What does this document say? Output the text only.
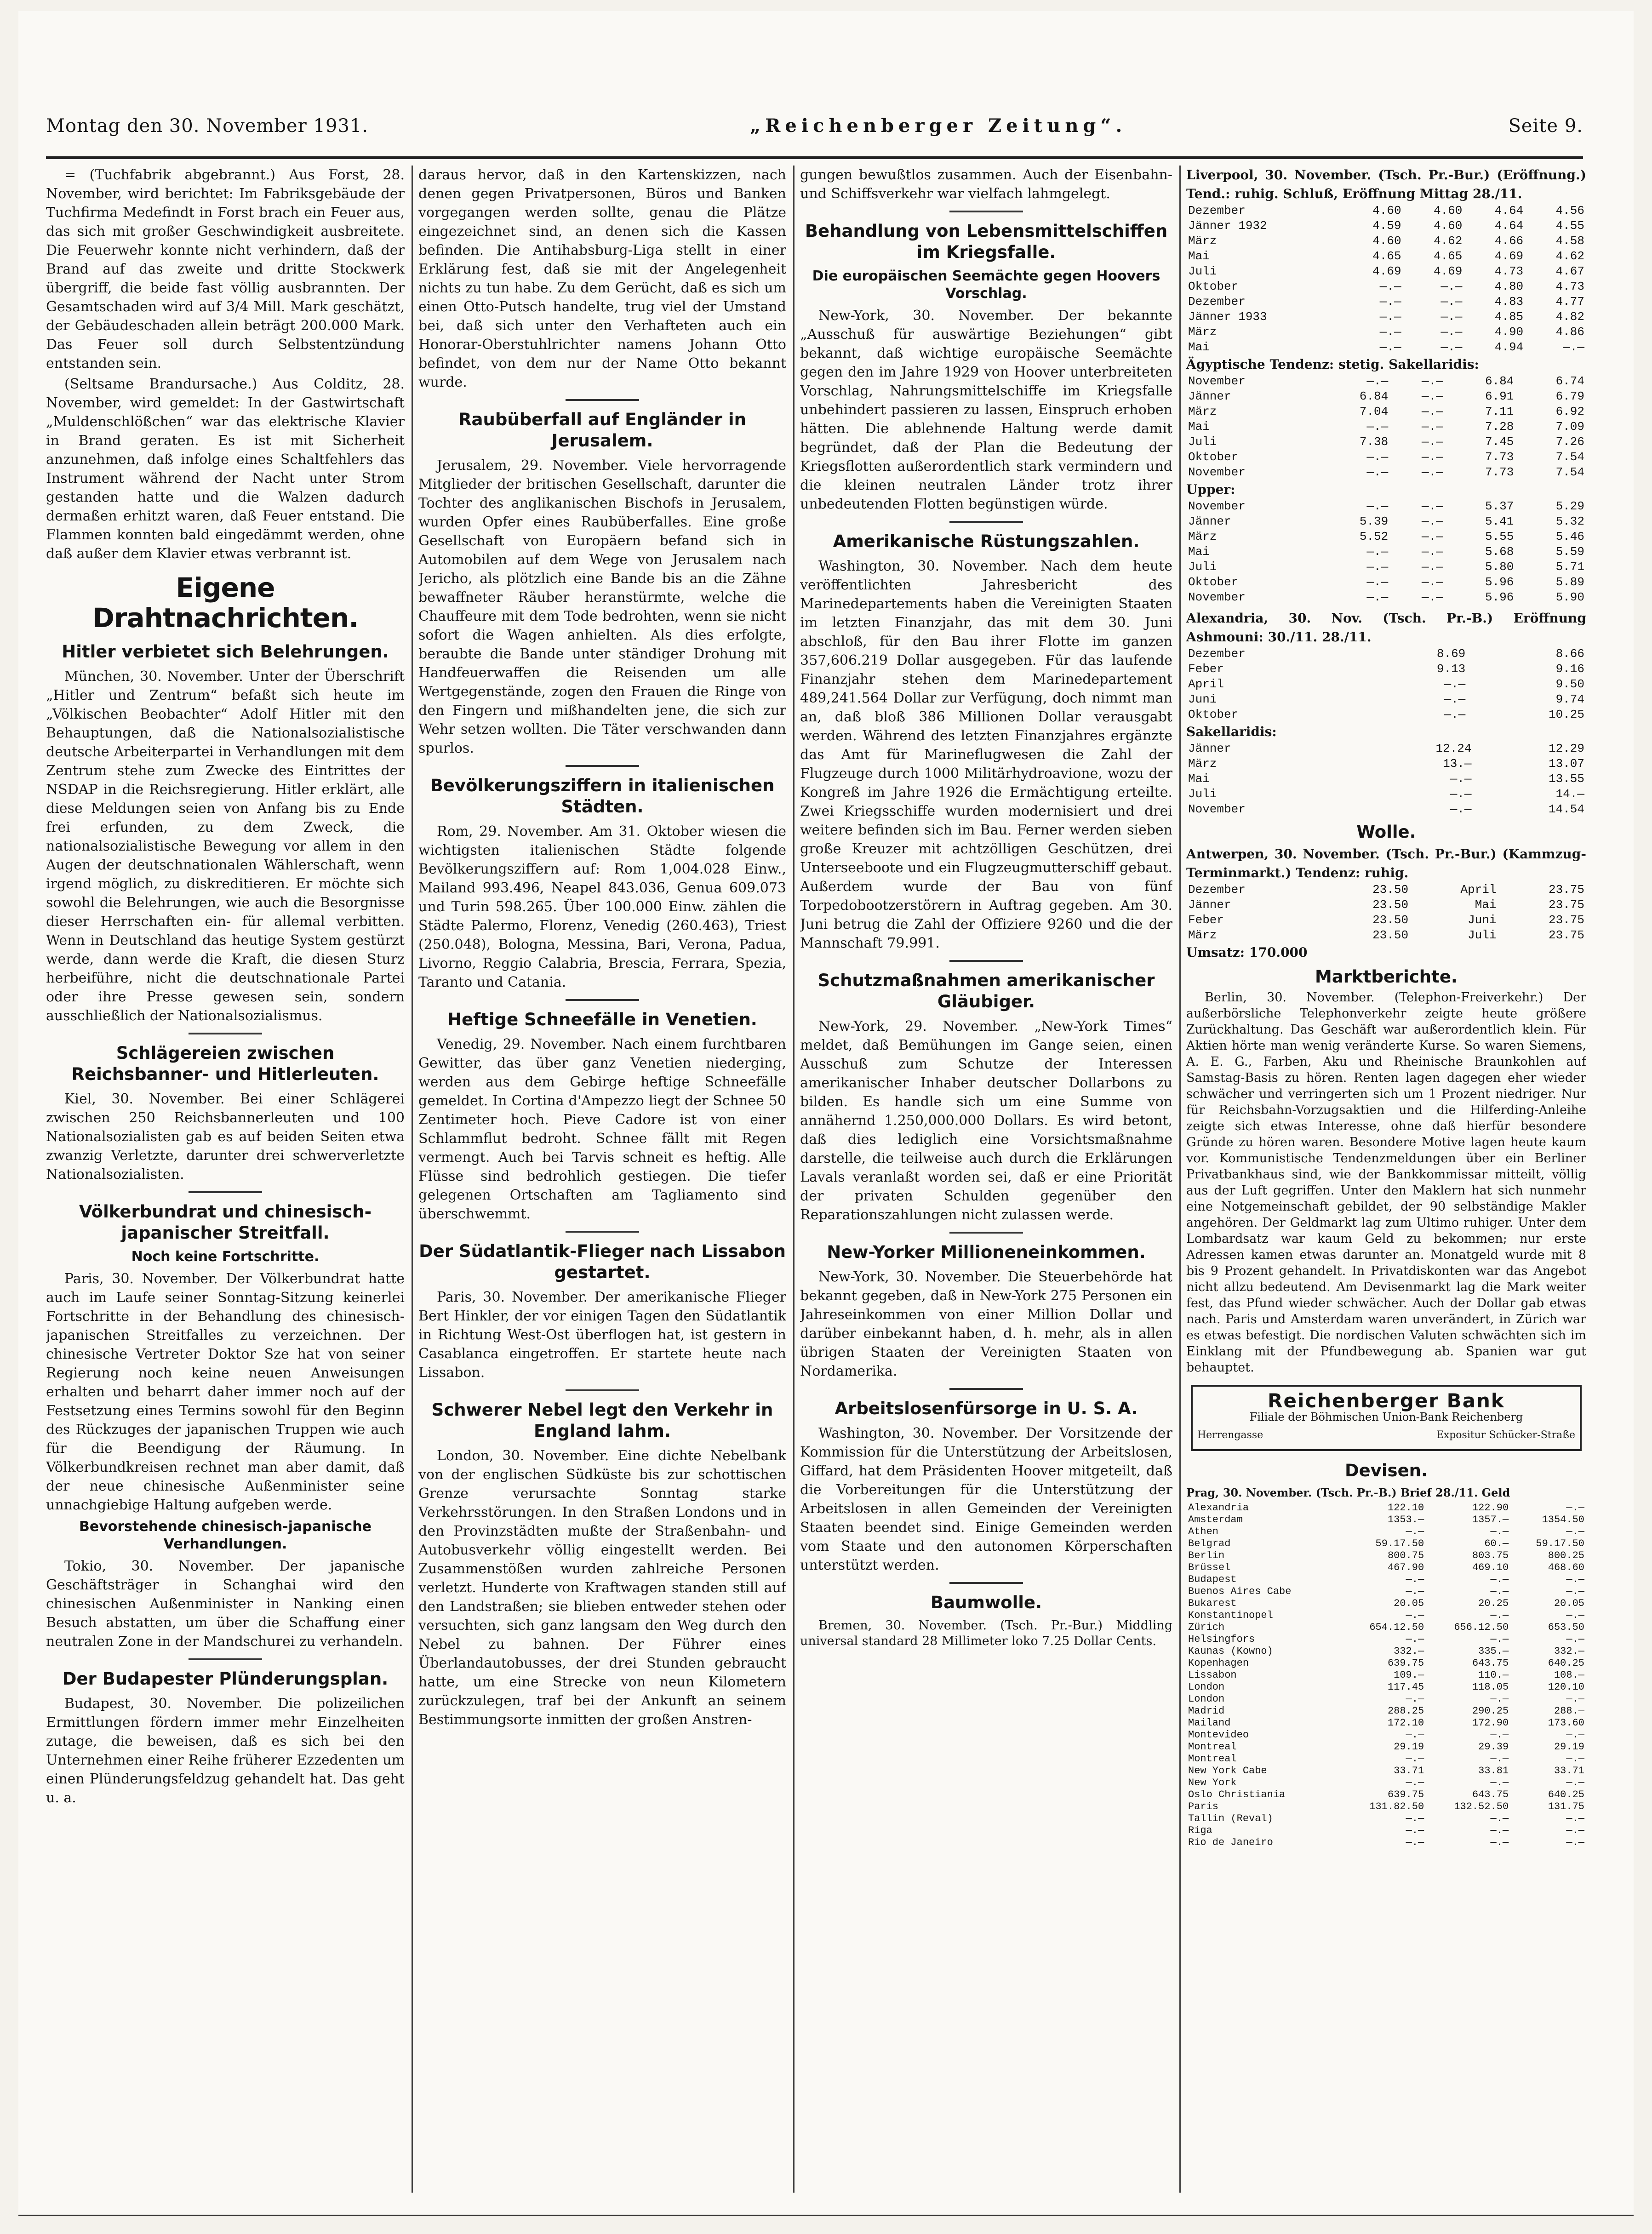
Montag den 30. November 1931.	„Reichenberger Zeitung“.	Seite 9.

= (Tuchfabrik abgebrannt.) Aus Forst, 28. November, wird berichtet: Im Fabriksgebäude der Tuchfirma Medefindt in Forst brach ein Feuer aus, das sich mit großer Geschwindigkeit ausbreitete. Die Feuerwehr konnte nicht verhindern, daß der Brand auf das zweite und dritte Stockwerk übergriff, die beide fast völlig ausbrannten. Der Gesamtschaden wird auf 3/4 Mill. Mark geschätzt, der Gebäudeschaden allein beträgt 200.000 Mark. Das Feuer soll durch Selbstentzündung entstanden sein.

(Seltsame Brandursache.) Aus Colditz, 28. November, wird gemeldet: In der Gastwirtschaft „Muldenschlößchen“ war das elektrische Klavier in Brand geraten. Es ist mit Sicherheit anzunehmen, daß infolge eines Schaltfehlers das Instrument während der Nacht unter Strom gestanden hatte und die Walzen dadurch dermaßen erhitzt waren, daß Feuer entstand. Die Flammen konnten bald eingedämmt werden, ohne daß außer dem Klavier etwas verbrannt ist.

Eigene Drahtnachrichten.
Hitler verbietet sich Belehrungen.

München, 30. November. Unter der Überschrift „Hitler und Zentrum“ befaßt sich heute im „Völkischen Beobachter“ Adolf Hitler mit den Behauptungen, daß die Nationalsozialistische deutsche Arbeiterpartei in Verhandlungen mit dem Zentrum stehe zum Zwecke des Eintrittes der NSDAP in die Reichsregierung. Hitler erklärt, alle diese Meldungen seien von Anfang bis zu Ende frei erfunden, zu dem Zweck, die nationalsozialistische Bewegung vor allem in den Augen der deutschnationalen Wählerschaft, wenn irgend möglich, zu diskreditieren. Er möchte sich sowohl die Belehrungen, wie auch die Besorgnisse dieser Herrschaften ein- für allemal verbitten. Wenn in Deutschland das heutige System gestürzt werde, dann werde die Kraft, die diesen Sturz herbeiführe, nicht die deutschnationale Partei oder ihre Presse gewesen sein, sondern ausschließlich der Nationalsozialismus.

Schlägereien zwischen Reichsbanner- und Hitlerleuten.

Kiel, 30. November. Bei einer Schlägerei zwischen 250 Reichsbannerleuten und 100 Nationalsozialisten gab es auf beiden Seiten etwa zwanzig Verletzte, darunter drei schwerverletzte Nationalsozialisten.

Völkerbundrat und chinesisch-japanischer Streitfall.
Noch keine Fortschritte.

Paris, 30. November. Der Völkerbundrat hatte auch im Laufe seiner Sonntag-Sitzung keinerlei Fortschritte in der Behandlung des chinesisch-japanischen Streitfalles zu verzeichnen. Der chinesische Vertreter Doktor Sze hat von seiner Regierung noch keine neuen Anweisungen erhalten und beharrt daher immer noch auf der Festsetzung eines Termins sowohl für den Beginn des Rückzuges der japanischen Truppen wie auch für die Beendigung der Räumung. In Völkerbundkreisen rechnet man aber damit, daß der neue chinesische Außenminister seine unnachgiebige Haltung aufgeben werde.

Bevorstehende chinesisch-japanische Verhandlungen.

Tokio, 30. November. Der japanische Geschäftsträger in Schanghai wird den chinesischen Außenminister in Nanking einen Besuch abstatten, um über die Schaffung einer neutralen Zone in der Mandschurei zu verhandeln.

Der Budapester Plünderungsplan.

Budapest, 30. November. Die polizeilichen Ermittlungen fördern immer mehr Einzelheiten zutage, die beweisen, daß es sich bei den Unternehmen einer Reihe früherer Ezzedenten um einen Plünderungsfeldzug gehandelt hat. Das geht u. a.

daraus hervor, daß in den Kartenskizzen, nach denen gegen Privatpersonen, Büros und Banken vorgegangen werden sollte, genau die Plätze eingezeichnet sind, an denen sich die Kassen befinden. Die Antihabsburg-Liga stellt in einer Erklärung fest, daß sie mit der Angelegenheit nichts zu tun habe. Zu dem Gerücht, daß es sich um einen Otto-Putsch handelte, trug viel der Umstand bei, daß sich unter den Verhafteten auch ein Honorar-Oberstuhlrichter namens Johann Otto befindet, von dem nur der Name Otto bekannt wurde.

Raubüberfall auf Engländer in Jerusalem.

Jerusalem, 29. November. Viele hervorragende Mitglieder der britischen Gesellschaft, darunter die Tochter des anglikanischen Bischofs in Jerusalem, wurden Opfer eines Raubüberfalles. Eine große Gesellschaft von Europäern befand sich in Automobilen auf dem Wege von Jerusalem nach Jericho, als plötzlich eine Bande bis an die Zähne bewaffneter Räuber heranstürmte, welche die Chauffeure mit dem Tode bedrohten, wenn sie nicht sofort die Wagen anhielten. Als dies erfolgte, beraubte die Bande unter ständiger Drohung mit Handfeuerwaffen die Reisenden um alle Wertgegenstände, zogen den Frauen die Ringe von den Fingern und mißhandelten jene, die sich zur Wehr setzen wollten. Die Täter verschwanden dann spurlos.

Bevölkerungsziffern in italienischen Städten.

Rom, 29. November. Am 31. Oktober wiesen die wichtigsten italienischen Städte folgende Bevölkerungsziffern auf: Rom 1,004.028 Einw., Mailand 993.496, Neapel 843.036, Genua 609.073 und Turin 598.265. Über 100.000 Einw. zählen die Städte Palermo, Florenz, Venedig (260.463), Triest (250.048), Bologna, Messina, Bari, Verona, Padua, Livorno, Reggio Calabria, Brescia, Ferrara, Spezia, Taranto und Catania.

Heftige Schneefälle in Venetien.

Venedig, 29. November. Nach einem furchtbaren Gewitter, das über ganz Venetien niederging, werden aus dem Gebirge heftige Schneefälle gemeldet. In Cortina d'Ampezzo liegt der Schnee 50 Zentimeter hoch. Pieve Cadore ist von einer Schlammflut bedroht. Schnee fällt mit Regen vermengt. Auch bei Tarvis schneit es heftig. Alle Flüsse sind bedrohlich gestiegen. Die tiefer gelegenen Ortschaften am Tagliamento sind überschwemmt.

Der Südatlantik-Flieger nach Lissabon gestartet.

Paris, 30. November. Der amerikanische Flieger Bert Hinkler, der vor einigen Tagen den Südatlantik in Richtung West-Ost überflogen hat, ist gestern in Casablanca eingetroffen. Er startete heute nach Lissabon.

Schwerer Nebel legt den Verkehr in England lahm.

London, 30. November. Eine dichte Nebelbank von der englischen Südküste bis zur schottischen Grenze verursachte Sonntag starke Verkehrsstörungen. In den Straßen Londons und in den Provinzstädten mußte der Straßenbahn- und Autobusverkehr völlig eingestellt werden. Bei Zusammenstößen wurden zahlreiche Personen verletzt. Hunderte von Kraftwagen standen still auf den Landstraßen; sie blieben entweder stehen oder versuchten, sich ganz langsam den Weg durch den Nebel zu bahnen. Der Führer eines Überlandautobusses, der drei Stunden gebraucht hatte, um eine Strecke von neun Kilometern zurückzulegen, traf bei der Ankunft an seinem Bestimmungsorte inmitten der großen Anstren-

gungen bewußtlos zusammen. Auch der Eisenbahn- und Schiffsverkehr war vielfach lahmgelegt.

Behandlung von Lebensmittelschiffen im Kriegsfalle.
Die europäischen Seemächte gegen Hoovers Vorschlag.

New-York, 30. November. Der bekannte „Ausschuß für auswärtige Beziehungen“ gibt bekannt, daß wichtige europäische Seemächte gegen den im Jahre 1929 von Hoover unterbreiteten Vorschlag, Nahrungsmittelschiffe im Kriegsfalle unbehindert passieren zu lassen, Einspruch erhoben hätten. Die ablehnende Haltung werde damit begründet, daß der Plan die Bedeutung der Kriegsflotten außerordentlich stark vermindern und die kleinen neutralen Länder trotz ihrer unbedeutenden Flotten begünstigen würde.

Amerikanische Rüstungszahlen.

Washington, 30. November. Nach dem heute veröffentlichten Jahresbericht des Marinedepartements haben die Vereinigten Staaten im letzten Finanzjahr, das mit dem 30. Juni abschloß, für den Bau ihrer Flotte im ganzen 357,606.219 Dollar ausgegeben. Für das laufende Finanzjahr stehen dem Marinedepartement 489,241.564 Dollar zur Verfügung, doch nimmt man an, daß bloß 386 Millionen Dollar verausgabt werden. Während des letzten Finanzjahres ergänzte das Amt für Marineflugwesen die Zahl der Flugzeuge durch 1000 Militärhydroavione, wozu der Kongreß im Jahre 1926 die Ermächtigung erteilte. Zwei Kriegsschiffe wurden modernisiert und drei weitere befinden sich im Bau. Ferner werden sieben große Kreuzer mit achtzölligen Geschützen, drei Unterseeboote und ein Flugzeugmutterschiff gebaut. Außerdem wurde der Bau von fünf Torpedobootzerstörern in Auftrag gegeben. Am 30. Juni betrug die Zahl der Offiziere 9260 und die der Mannschaft 79.991.

Schutzmaßnahmen amerikanischer Gläubiger.

New-York, 29. November. „New-York Times“ meldet, daß Bemühungen im Gange seien, einen Ausschuß zum Schutze der Interessen amerikanischer Inhaber deutscher Dollarbons zu bilden. Es handle sich um eine Summe von annähernd 1.250,000.000 Dollars. Es wird betont, daß dies lediglich eine Vorsichtsmaßnahme darstelle, die teilweise auch durch die Erklärungen Lavals veranlaßt worden sei, daß er eine Priorität der privaten Schulden gegenüber den Reparationszahlungen nicht zulassen werde.

New-Yorker Millioneneinkommen.

New-York, 30. November. Die Steuerbehörde hat bekannt gegeben, daß in New-York 275 Personen ein Jahreseinkommen von einer Million Dollar und darüber einbekannt haben, d. h. mehr, als in allen übrigen Staaten der Vereinigten Staaten von Nordamerika.

Arbeitslosenfürsorge in U. S. A.

Washington, 30. November. Der Vorsitzende der Kommission für die Unterstützung der Arbeitslosen, Giffard, hat dem Präsidenten Hoover mitgeteilt, daß die Vorbereitungen für die Unterstützung der Arbeitslosen in allen Gemeinden der Vereinigten Staaten beendet sind. Einige Gemeinden werden vom Staate und den autonomen Körperschaften unterstützt werden.

Baumwolle.

Bremen, 30. November. (Tsch. Pr.-Bur.) Middling universal standard 28 Millimeter loko 7.25 Dollar Cents.

Liverpool, 30. November. (Tsch. Pr.-Bur.) (Eröffnung.) Tend.: ruhig. Schluß, Eröffnung Mittag 28./11.
Dezember	4.60	4.60	4.64	4.56
Jänner 1932	4.59	4.60	4.64	4.55
März	4.60	4.62	4.66	4.58
Mai	4.65	4.65	4.69	4.62
Juli	4.69	4.69	4.73	4.67
Oktober	—.—	—.—	4.80	4.73
Dezember	—.—	—.—	4.83	4.77
Jänner 1933	—.—	—.—	4.85	4.82
März	—.—	—.—	4.90	4.86
Mai	—.—	—.—	4.94	—.—
Ägyptische Tendenz: stetig. Sakellaridis:
November	—.—	—.—	6.84	6.74
Jänner	6.84	—.—	6.91	6.79
März	7.04	—.—	7.11	6.92
Mai	—.—	—.—	7.28	7.09
Juli	7.38	—.—	7.45	7.26
Oktober	—.—	—.—	7.73	7.54
November	—.—	—.—	7.73	7.54
Upper:
November	—.—	—.—	5.37	5.29
Jänner	5.39	—.—	5.41	5.32
März	5.52	—.—	5.55	5.46
Mai	—.—	—.—	5.68	5.59
Juli	—.—	—.—	5.80	5.71
Oktober	—.—	—.—	5.96	5.89
November	—.—	—.—	5.96	5.90
Alexandria, 30. Nov. (Tsch. Pr.-B.) Eröffnung Ashmouni: 30./11. 28./11.
Dezember	8.69	8.66
Feber	9.13	9.16
April	—.—	9.50
Juni	—.—	9.74
Oktober	—.—	10.25
Sakellaridis:
Jänner	12.24	12.29
März	13.—	13.07
Mai	—.—	13.55
Juli	—.—	14.—
November	—.—	14.54
Wolle.
Antwerpen, 30. November. (Tsch. Pr.-Bur.) (Kammzug-Terminmarkt.) Tendenz: ruhig.
Dezember	23.50	April	23.75
Jänner	23.50	Mai	23.75
Feber	23.50	Juni	23.75
März	23.50	Juli	23.75
Umsatz: 170.000
Marktberichte.

Berlin, 30. November. (Telephon-Freiverkehr.) Der außerbörsliche Telephonverkehr zeigte heute größere Zurückhaltung. Das Geschäft war außerordentlich klein. Für Aktien hörte man wenig veränderte Kurse. So waren Siemens, A. E. G., Farben, Aku und Rheinische Braunkohlen auf Samstag-Basis zu hören. Renten lagen dagegen eher wieder schwächer und verringerten sich um 1 Prozent niedriger. Nur für Reichsbahn-Vorzugsaktien und die Hilferding-Anleihe zeigte sich etwas Interesse, ohne daß hierfür besondere Gründe zu hören waren. Besondere Motive lagen heute kaum vor. Kommunistische Tendenzmeldungen über ein Berliner Privatbankhaus sind, wie der Bankkommissar mitteilt, völlig aus der Luft gegriffen. Unter den Maklern hat sich nunmehr eine Notgemeinschaft gebildet, der 90 selbständige Makler angehören. Der Geldmarkt lag zum Ultimo ruhiger. Unter dem Lombardsatz war kaum Geld zu bekommen; nur erste Adressen kamen etwas darunter an. Monatgeld wurde mit 8 bis 9 Prozent gehandelt. In Privatdiskonten war das Angebot nicht allzu bedeutend. Am Devisenmarkt lag die Mark weiter fest, das Pfund wieder schwächer. Auch der Dollar gab etwas nach. Paris und Amsterdam waren unverändert, in Zürich war es etwas befestigt. Die nordischen Valuten schwächten sich im Einklang mit der Pfundbewegung ab. Spanien war gut behauptet.

Reichenberger Bank
Filiale der Böhmischen Union-Bank Reichenberg
Herrengasse	Expositur Schücker-Straße
Devisen.
Prag, 30. November. (Tsch. Pr.-B.) Brief 28./11. Geld
Alexandria	122.10	122.90	—.—
Amsterdam	1353.—	1357.—	1354.50
Athen	—.—	—.—	—.—
Belgrad	59.17.50	60.—	59.17.50
Berlin	800.75	803.75	800.25
Brüssel	467.90	469.10	468.60
Budapest	—.—	—.—	—.—
Buenos Aires Cabe	—.—	—.—	—.—
Bukarest	20.05	20.25	20.05
Konstantinopel	—.—	—.—	—.—
Zürich	654.12.50	656.12.50	653.50
Helsingfors	—.—	—.—	—.—
Kaunas (Kowno)	332.—	335.—	332.—
Kopenhagen	639.75	643.75	640.25
Lissabon	109.—	110.—	108.—
London	117.45	118.05	120.10
London	—.—	—.—	—.—
Madrid	288.25	290.25	288.—
Mailand	172.10	172.90	173.60
Montevideo	—.—	—.—	—.—
Montreal	29.19	29.39	29.19
Montreal	—.—	—.—	—.—
New York Cabe	33.71	33.81	33.71
New York	—.—	—.—	—.—
Oslo Christiania	639.75	643.75	640.25
Paris	131.82.50	132.52.50	131.75
Tallin (Reval)	—.—	—.—	—.—
Riga	—.—	—.—	—.—
Rio de Janeiro	—.—	—.—	—.—
